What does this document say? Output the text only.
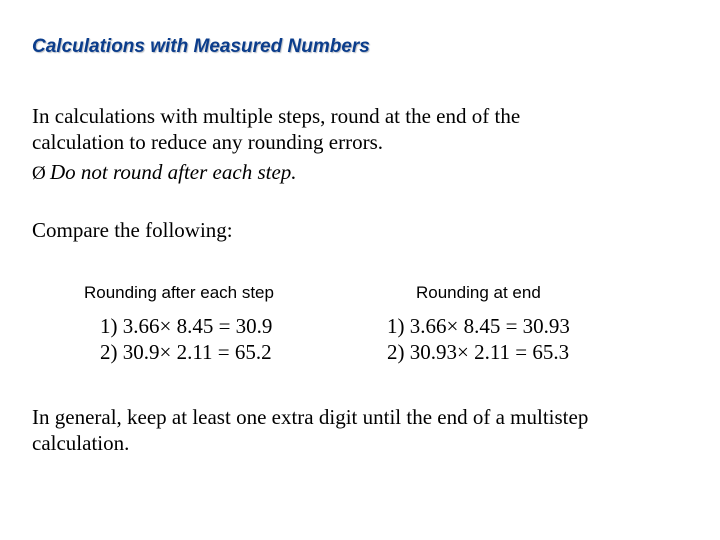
Calculations with Measured Numbers
In calculations with multiple steps, round at the end of the
calculation to reduce any rounding errors.
Ø Do not round after each step.
Compare the following:
Rounding after each step	Rounding at end
1) 3.66× 8.45 = 30.9
2) 30.9× 2.11 = 65.2
1) 3.66× 8.45 = 30.93
2) 30.93× 2.11 = 65.3
In general, keep at least one extra digit until the end of a multistep
calculation.
